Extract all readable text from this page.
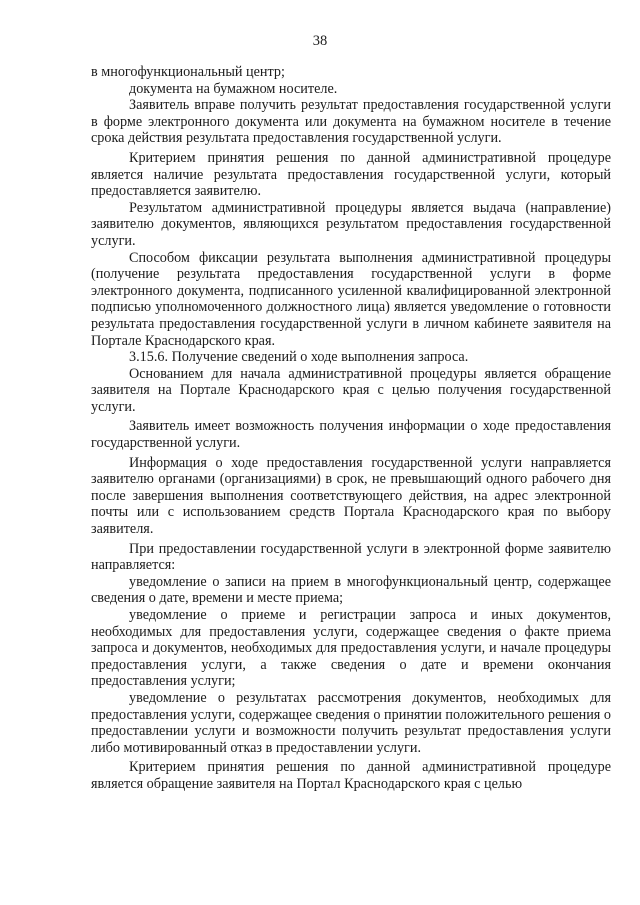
38

в многофункциональный центр;

документа на бумажном носителе.

Заявитель вправе получить результат предоставления государственной услуги в форме электронного документа или документа на бумажном носителе в течение срока действия результата предоставления государственной услуги.

Критерием принятия решения по данной административной процедуре является наличие результата предоставления государственной услуги, который предоставляется заявителю.

Результатом административной процедуры является выдача (направление) заявителю документов, являющихся результатом предоставления государственной услуги.

Способом фиксации результата выполнения административной процедуры (получение результата предоставления государственной услуги в форме электронного документа, подписанного усиленной квалифицированной электронной подписью уполномоченного должностного лица) является уведомление о готовности результата предоставления государственной услуги в личном кабинете заявителя на Портале Краснодарского края.

3.15.6. Получение сведений о ходе выполнения запроса.

Основанием для начала административной процедуры является обращение заявителя на Портале Краснодарского края с целью получения государственной услуги.

Заявитель имеет возможность получения информации о ходе предоставления государственной услуги.

Информация о ходе предоставления государственной услуги направляется заявителю органами (организациями) в срок, не превышающий одного рабочего дня после завершения выполнения соответствующего действия, на адрес электронной почты или с использованием средств Портала Краснодарского края по выбору заявителя.

При предоставлении государственной услуги в электронной форме заявителю направляется:

уведомление о записи на прием в многофункциональный центр, содержащее сведения о дате, времени и месте приема;

уведомление о приеме и регистрации запроса и иных документов, необходимых для предоставления услуги, содержащее сведения о факте приема запроса и документов, необходимых для предоставления услуги, и начале процедуры предоставления услуги, а также сведения о дате и времени окончания предоставления услуги;

уведомление о результатах рассмотрения документов, необходимых для предоставления услуги, содержащее сведения о принятии положительного решения о предоставлении услуги и возможности получить результат предоставления услуги либо мотивированный отказ в предоставлении услуги.

Критерием принятия решения по данной административной процедуре является обращение заявителя на Портал Краснодарского края с целью
